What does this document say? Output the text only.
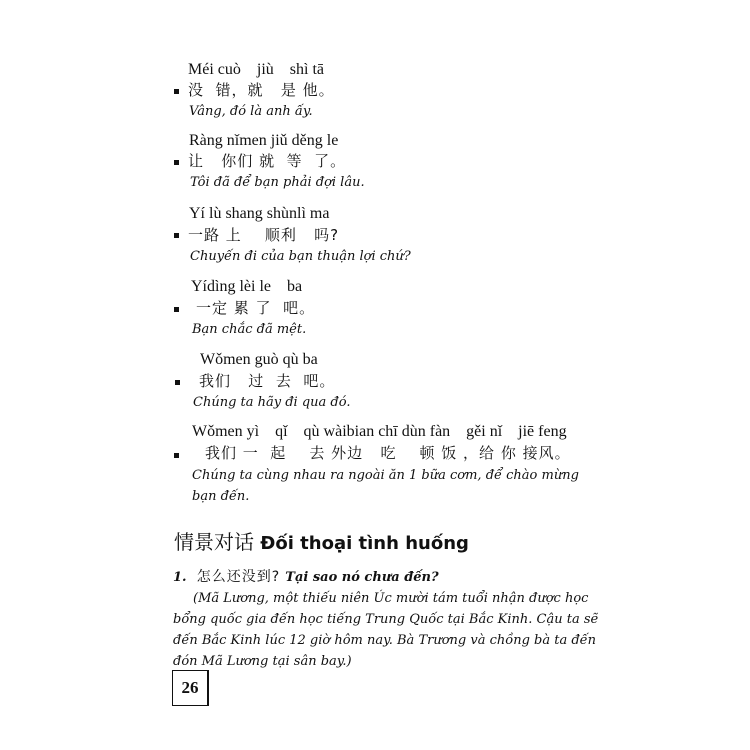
Méi cuò    jiù    shì tā
没  错，就   是 他。
Vâng, đó là anh ấy.
Ràng nǐmen jiǔ děng le
让   你们 就  等  了。
Tôi đã để bạn phải đợi lâu.
Yí lù shang shùnlì ma
一路 上    顺利   吗?
Chuyến đi của bạn thuận lợi chứ?
Yídìng lèi le    ba
一定 累 了  吧。
Bạn chắc đã mệt.
Wǒmen guò qù ba
我们   过  去  吧。
Chúng ta hãy đi qua đó.
Wǒmen yì    qǐ    qù wàibian chī dùn fàn    gěi nǐ    jiē feng
我们 一  起    去 外边   吃    顿 饭 ，给 你 接风。
Chúng ta cùng nhau ra ngoài ăn 1 bữa cơm, để chào mừng
bạn đến.
情景对话 Đối thoại tình huống
1. 怎么还没到? Tại sao nó chưa đến?
(Mã Lương, một thiếu niên Úc mười tám tuổi nhận được học
bổng quốc gia đến học tiếng Trung Quốc tại Bắc Kinh. Cậu ta sẽ
đến Bắc Kinh lúc 12 giờ hôm nay. Bà Trương và chồng bà ta đến
đón Mã Lương tại sân bay.)
26
